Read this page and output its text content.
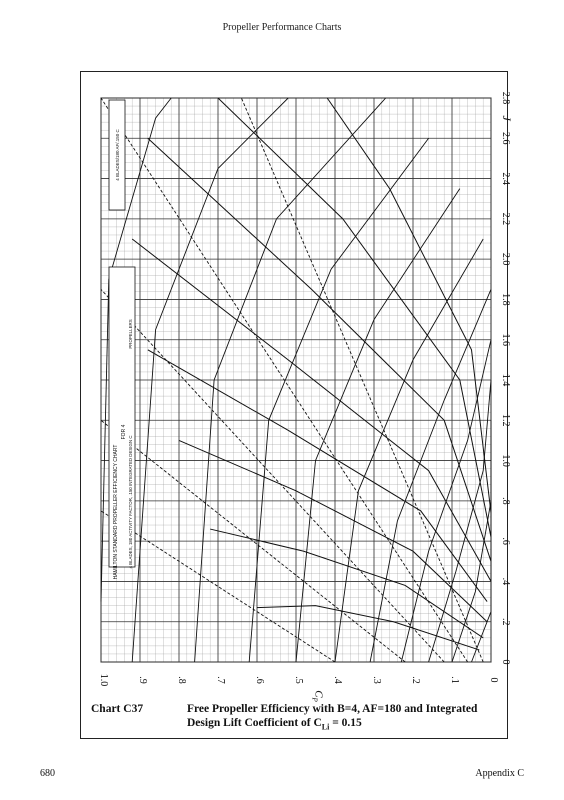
Propeller Performance Charts
0
.1
.2
.3
.4
.5
.6
.7
.8
.9
1.0
$C_P$
.2
.4
.6
.8
1.0
1.2
1.4
1.6
1.8
2.0
2.2
2.4
2.6
2.8
0
J
HAMILTON STANDARD PROPELLER EFFICIENCY CHART
FOR 4
4 BLADES, 180 ACTIVITY FACTOR, .150 INTEGRATED DESIGN C
PROPELLERS
4 BLADES/180 AF/.150 C
Chart C37	Free Propeller Efficiency with B=4, AF=180 and Integrated
Design Lift Coefficient of $C_{Li} = 0.15$
680	Appendix C
